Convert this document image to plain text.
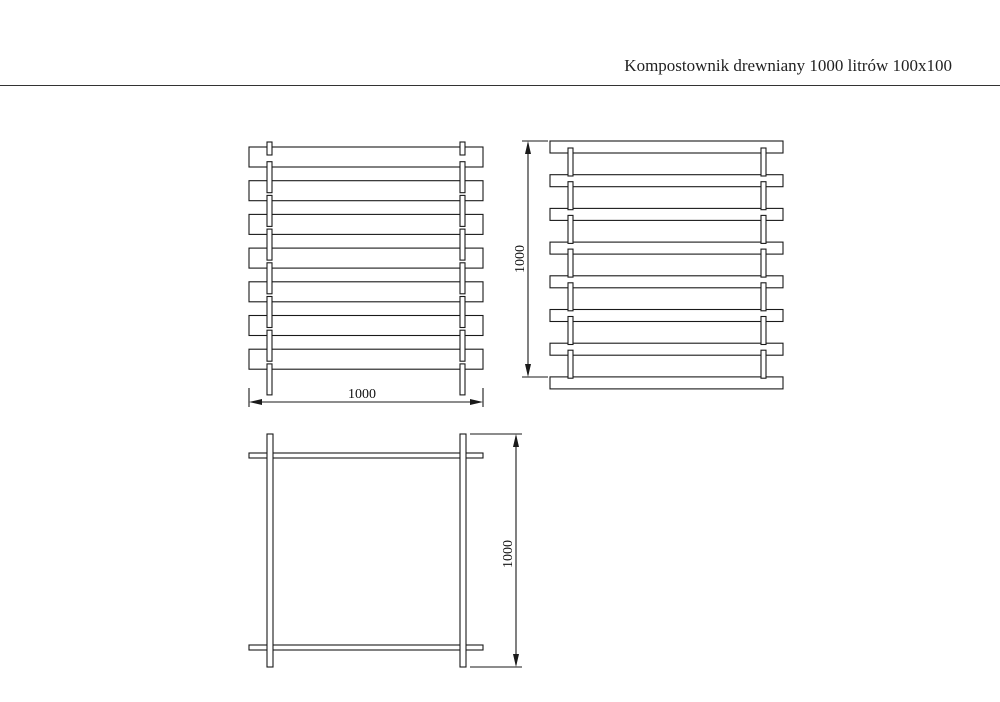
Kompostownik drewniany 1000 litrów 100x100
1000
1000
1000
